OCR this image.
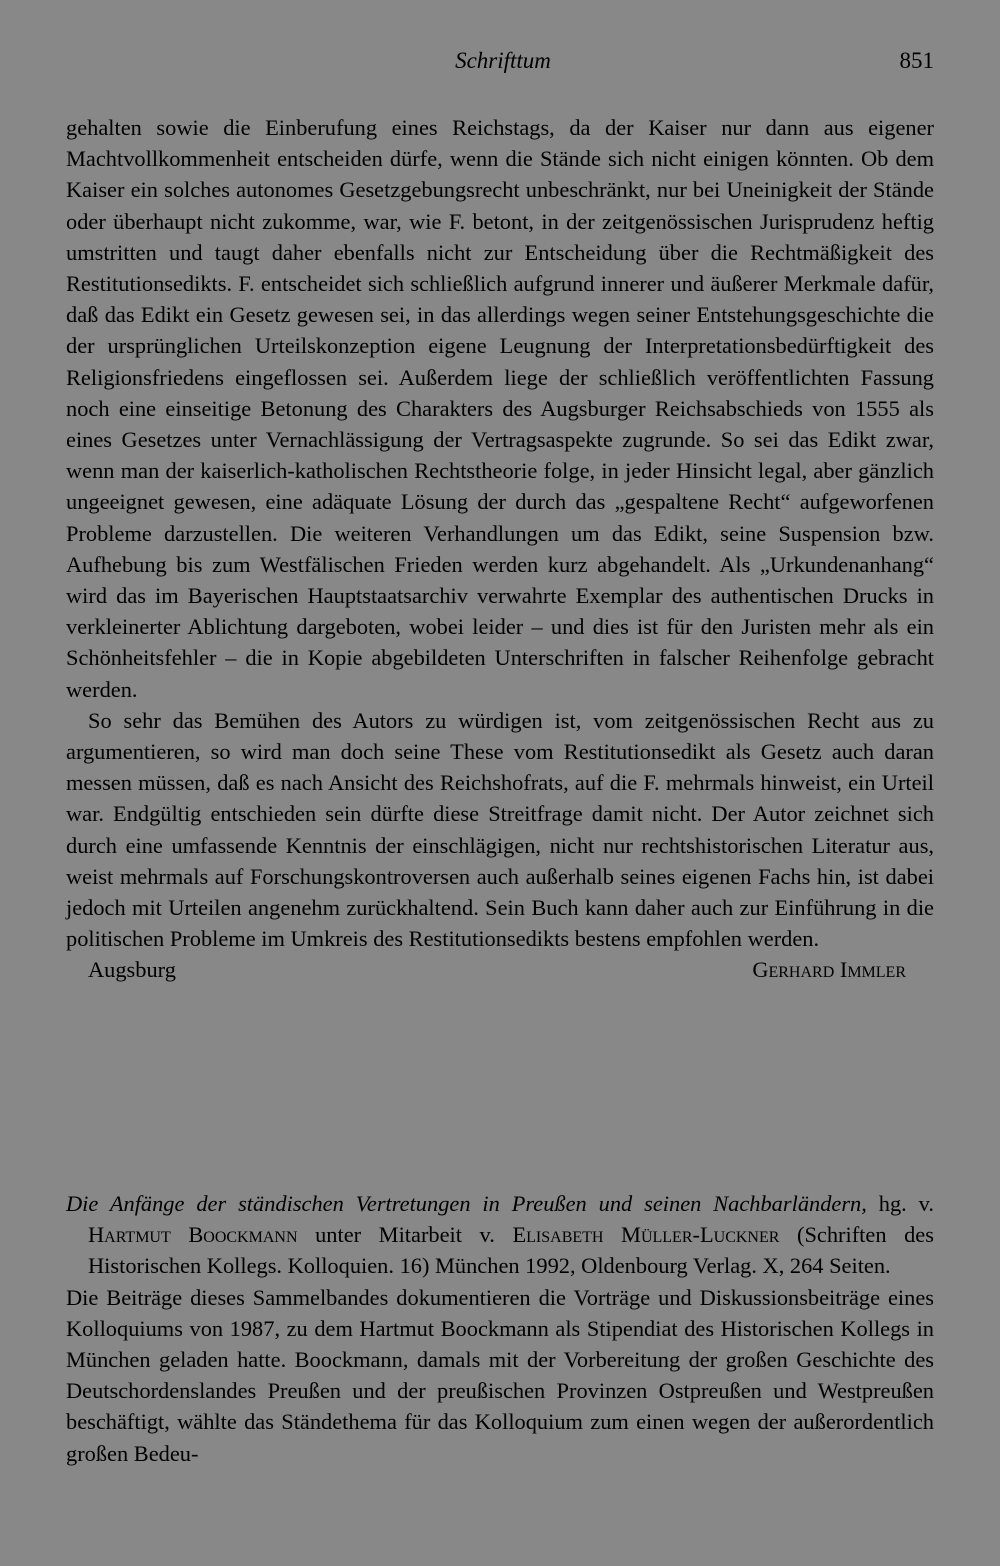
Schrifttum	851

gehalten sowie die Einberufung eines Reichstags, da der Kaiser nur dann aus eigener Machtvollkommenheit entscheiden dürfe, wenn die Stände sich nicht einigen könnten. Ob dem Kaiser ein solches autonomes Gesetzgebungsrecht unbeschränkt, nur bei Uneinigkeit der Stände oder überhaupt nicht zukomme, war, wie F. betont, in der zeitgenössischen Jurisprudenz heftig umstritten und taugt daher ebenfalls nicht zur Entscheidung über die Rechtmäßigkeit des Restitutionsedikts. F. entscheidet sich schließlich aufgrund innerer und äußerer Merkmale dafür, daß das Edikt ein Gesetz gewesen sei, in das allerdings wegen seiner Entstehungsgeschichte die der ursprünglichen Urteilskonzeption eigene Leugnung der Interpretationsbedürftigkeit des Religionsfriedens eingeflossen sei. Außerdem liege der schließlich veröffentlichten Fassung noch eine einseitige Betonung des Charakters des Augsburger Reichsabschieds von 1555 als eines Gesetzes unter Vernachlässigung der Vertragsaspekte zugrunde. So sei das Edikt zwar, wenn man der kaiserlich-katholischen Rechtstheorie folge, in jeder Hinsicht legal, aber gänzlich ungeeignet gewesen, eine adäquate Lösung der durch das „gespaltene Recht“ aufgeworfenen Probleme darzustellen. Die weiteren Verhandlungen um das Edikt, seine Suspension bzw. Aufhebung bis zum Westfälischen Frieden werden kurz abgehandelt. Als „Urkundenanhang“ wird das im Bayerischen Hauptstaatsarchiv verwahrte Exemplar des authentischen Drucks in verkleinerter Ablichtung dargeboten, wobei leider – und dies ist für den Juristen mehr als ein Schönheitsfehler – die in Kopie abgebildeten Unterschriften in falscher Reihenfolge gebracht werden.

So sehr das Bemühen des Autors zu würdigen ist, vom zeitgenössischen Recht aus zu argumentieren, so wird man doch seine These vom Restitutionsedikt als Gesetz auch daran messen müssen, daß es nach Ansicht des Reichshofrats, auf die F. mehrmals hinweist, ein Urteil war. Endgültig entschieden sein dürfte diese Streitfrage damit nicht. Der Autor zeichnet sich durch eine umfassende Kenntnis der einschlägigen, nicht nur rechtshistorischen Literatur aus, weist mehrmals auf Forschungskontroversen auch außerhalb seines eigenen Fachs hin, ist dabei jedoch mit Urteilen angenehm zurückhaltend. Sein Buch kann daher auch zur Einführung in die politischen Probleme im Umkreis des Restitutionsedikts bestens empfohlen werden.

Augsburg	Gerhard Immler

Die Anfänge der ständischen Vertretungen in Preußen und seinen Nachbarländern, hg. v. Hartmut Boockmann unter Mitarbeit v. Elisabeth Müller-Luckner (Schriften des Historischen Kollegs. Kolloquien. 16) München 1992, Oldenbourg Verlag. X, 264 Seiten.

Die Beiträge dieses Sammelbandes dokumentieren die Vorträge und Diskussionsbeiträge eines Kolloquiums von 1987, zu dem Hartmut Boockmann als Stipendiat des Historischen Kollegs in München geladen hatte. Boockmann, damals mit der Vorbereitung der großen Geschichte des Deutschordenslandes Preußen und der preußischen Provinzen Ostpreußen und Westpreußen beschäftigt, wählte das Ständethema für das Kolloquium zum einen wegen der außerordentlich großen Bedeu-
